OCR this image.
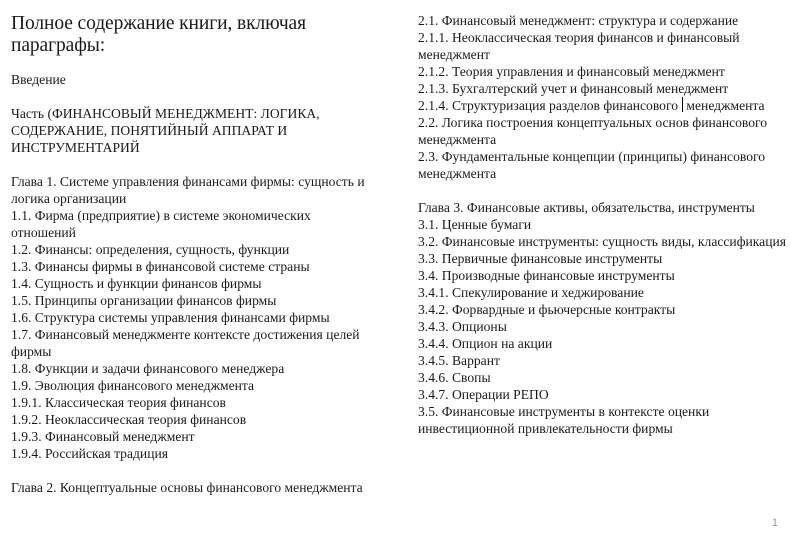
Полное содержание книги, включая параграфы:

Введение

Часть (ФИНАНСОВЫЙ МЕНЕДЖМЕНТ: ЛОГИКА, СОДЕРЖАНИЕ, ПОНЯТИЙНЫЙ АППАРАТ И ИНСТРУМЕНТАРИЙ

Глава 1. Системе управления финансами фирмы: сущность и логика организации

1.1. Фирма (предприятие) в системе экономических отношений

1.2. Финансы: определения, сущность, функции

1.3. Финансы фирмы в финансовой системе страны

1.4. Сущность и функции финансов фирмы

1.5. Принципы организации финансов фирмы

1.6. Структура системы управления финансами фирмы

1.7. Финансовый менеджменте контексте достижения целей фирмы

1.8. Функции и задачи финансового менеджера

1.9. Эволюция финансового менеджмента

1.9.1. Классическая теория финансов

1.9.2. Неоклассическая теория финансов

1.9.3. Финансовый менеджмент

1.9.4. Российская традиция

Глава 2. Концептуальные основы финансового менеджмента

2.1. Финансовый менеджмент: структура и содержание

2.1.1. Неоклассическая теория финансов и финансовый менеджмент

2.1.2. Теория управления и финансовый менеджмент

2.1.3. Бухгалтерский учет и финансовый менеджмент

2.1.4. Структуризация разделов финансового менеджмента

2.2. Логика построения концептуальных основ финансового менеджмента

2.3. Фундаментальные концепции (принципы) финансового менеджмента

Глава 3. Финансовые активы, обязательства, инструменты

3.1. Ценные бумаги

3.2. Финансовые инструменты: сущность виды, классификация

3.3. Первичные финансовые инструменты

3.4. Производные финансовые инструменты

3.4.1. Спекулирование и хеджирование

3.4.2. Форвардные и фьючерсные контракты

3.4.3. Опционы

3.4.4. Опцион на акции

3.4.5. Варрант

3.4.6. Свопы

3.4.7. Операции РЕПО

3.5. Финансовые инструменты в контексте оценки инвестиционной привлекательности фирмы

1
